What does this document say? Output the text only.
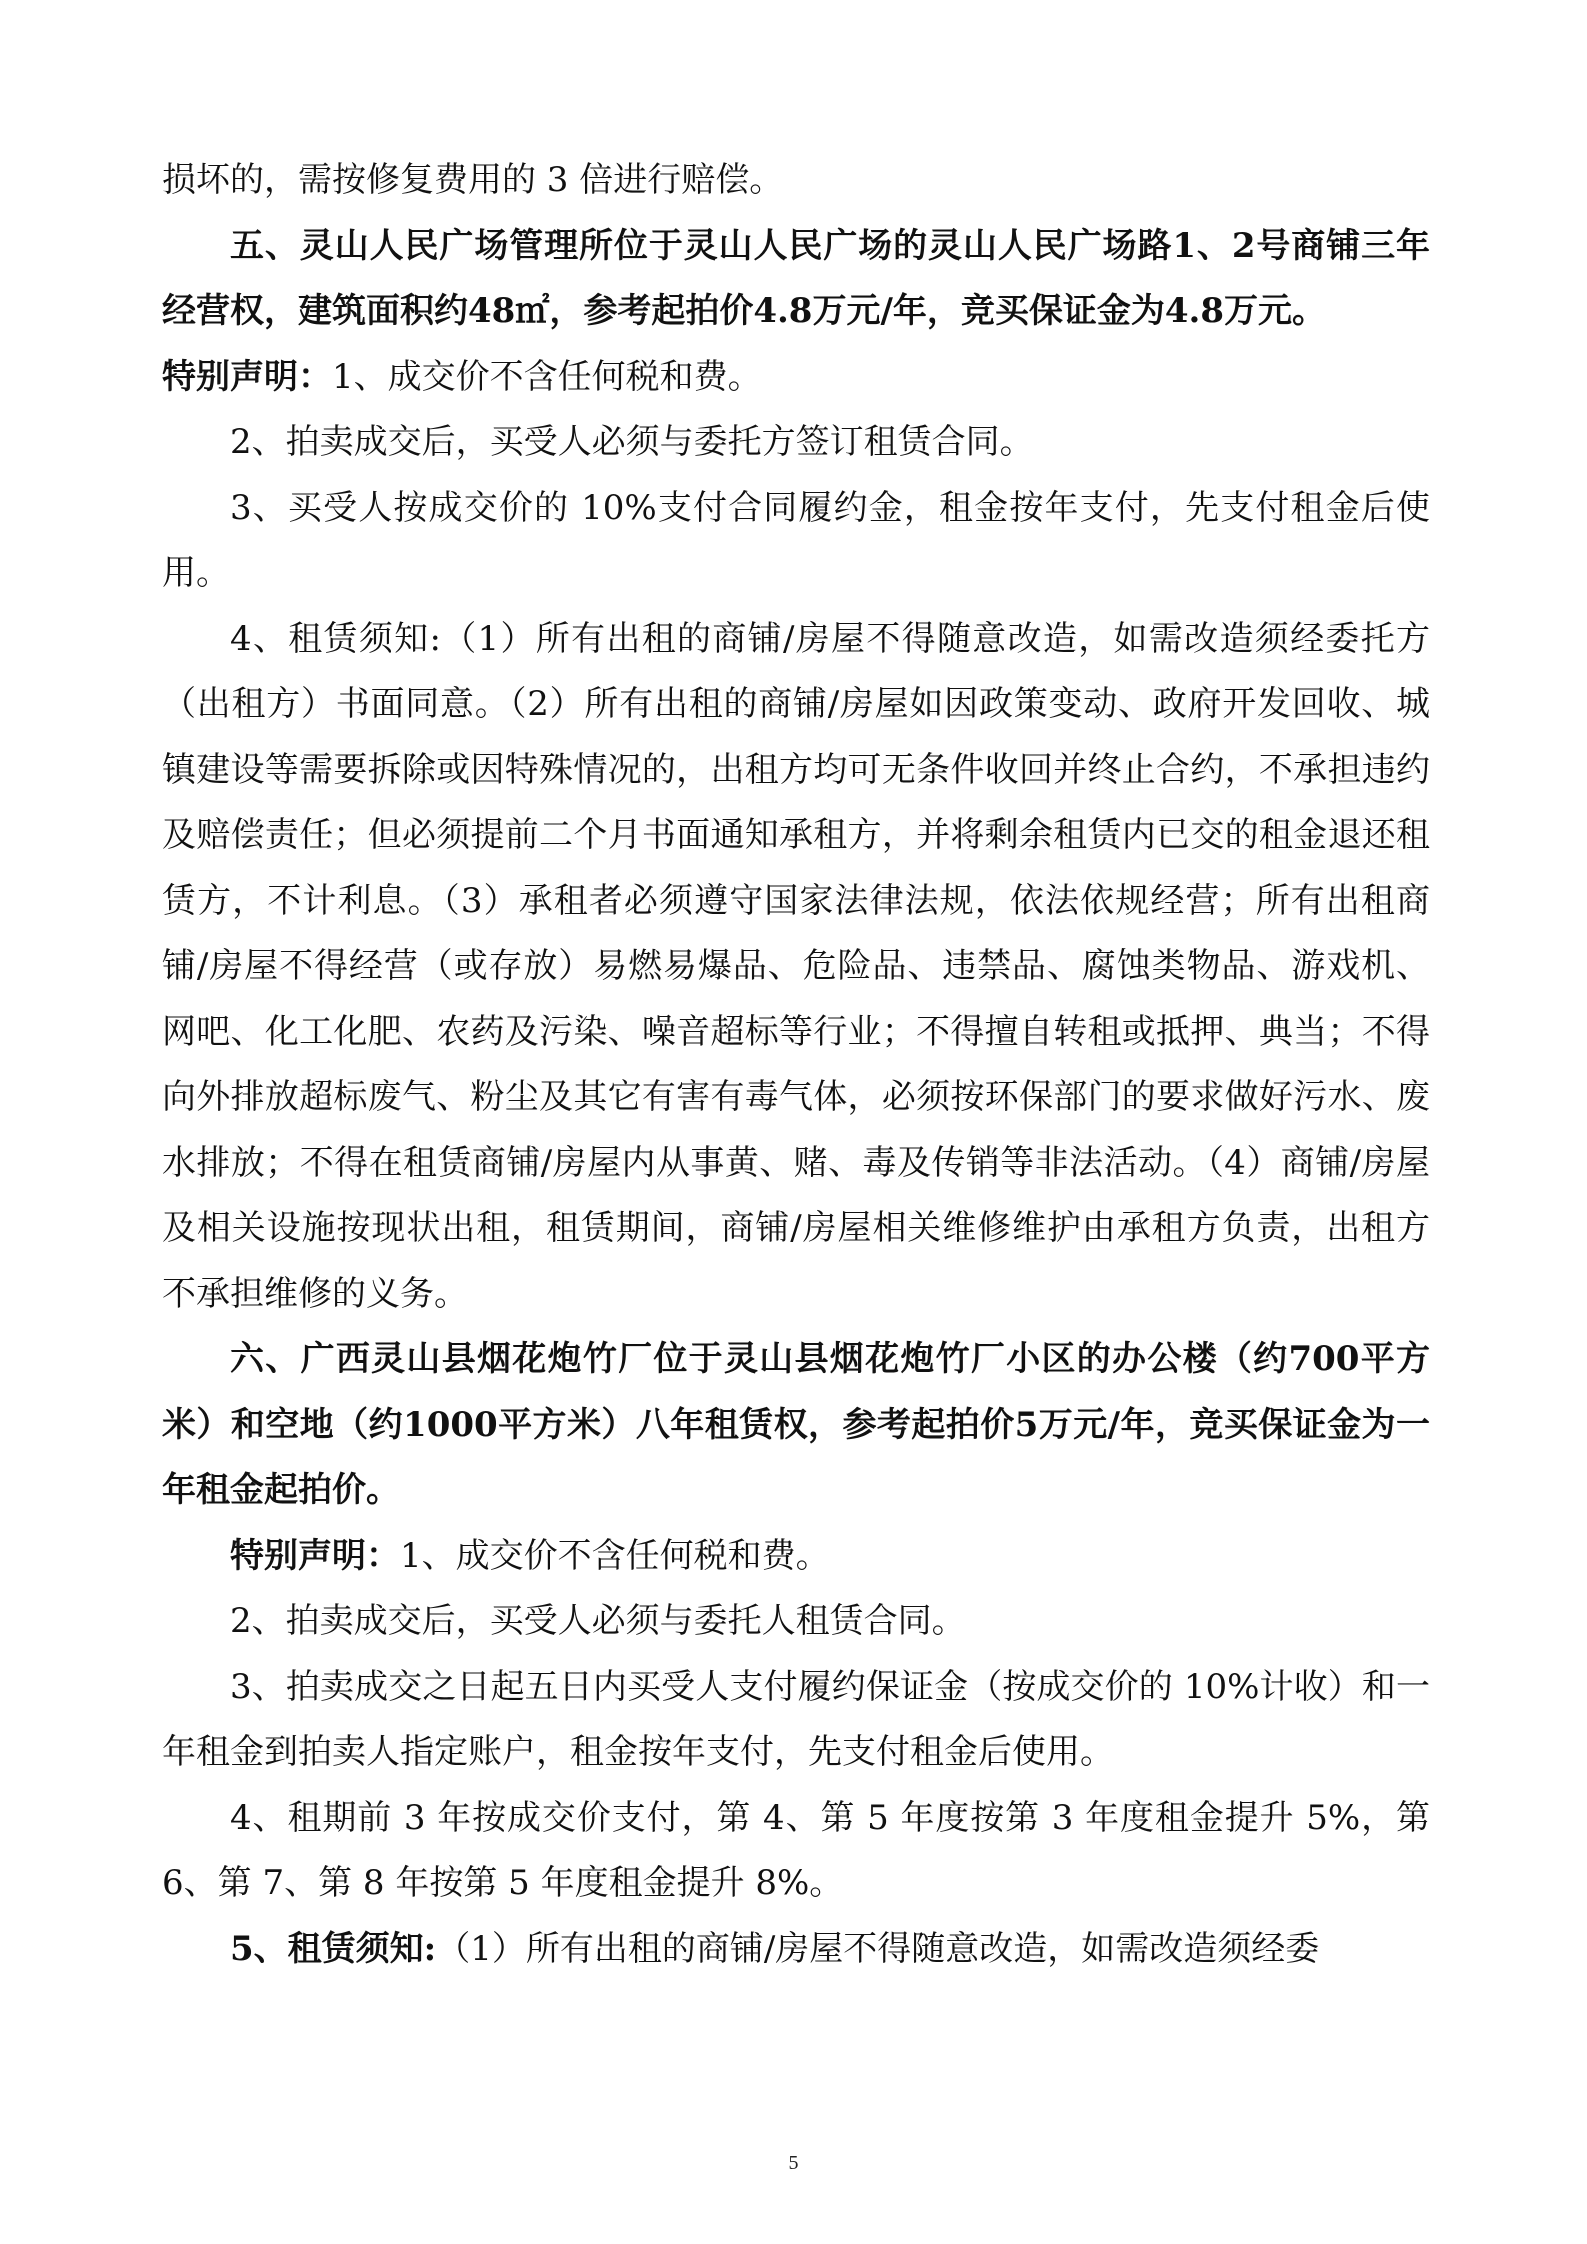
损坏的，需按修复费用的 3 倍进行赔偿。

五、灵山人民广场管理所位于灵山人民广场的灵山人民广场路1、2号商铺三年经营权，建筑面积约48㎡，参考起拍价4.8万元/年，竞买保证金为4.8万元。

特别声明：1、成交价不含任何税和费。

2、拍卖成交后，买受人必须与委托方签订租赁合同。

3、买受人按成交价的 10%支付合同履约金，租金按年支付，先支付租金后使用。

4、租赁须知:（1）所有出租的商铺/房屋不得随意改造，如需改造须经委托方（出租方）书面同意。（2）所有出租的商铺/房屋如因政策变动、政府开发回收、城镇建设等需要拆除或因特殊情况的，出租方均可无条件收回并终止合约，不承担违约及赔偿责任；但必须提前二个月书面通知承租方，并将剩余租赁内已交的租金退还租赁方，不计利息。（3）承租者必须遵守国家法律法规，依法依规经营；所有出租商铺/房屋不得经营（或存放）易燃易爆品、危险品、违禁品、腐蚀类物品、游戏机、网吧、化工化肥、农药及污染、噪音超标等行业；不得擅自转租或抵押、典当；不得向外排放超标废气、粉尘及其它有害有毒气体，必须按环保部门的要求做好污水、废水排放；不得在租赁商铺/房屋内从事黄、赌、毒及传销等非法活动。（4）商铺/房屋及相关设施按现状出租，租赁期间，商铺/房屋相关维修维护由承租方负责，出租方不承担维修的义务。

六、广西灵山县烟花炮竹厂位于灵山县烟花炮竹厂小区的办公楼（约700平方米）和空地（约1000平方米）八年租赁权，参考起拍价5万元/年，竞买保证金为一年租金起拍价。

特别声明：1、成交价不含任何税和费。

2、拍卖成交后，买受人必须与委托人租赁合同。

3、拍卖成交之日起五日内买受人支付履约保证金（按成交价的 10%计收）和一年租金到拍卖人指定账户，租金按年支付，先支付租金后使用。

4、租期前 3 年按成交价支付，第 4、第 5 年度按第 3 年度租金提升 5%，第 6、第 7、第 8 年按第 5 年度租金提升 8%。

5、租赁须知:（1）所有出租的商铺/房屋不得随意改造，如需改造须经委

5
